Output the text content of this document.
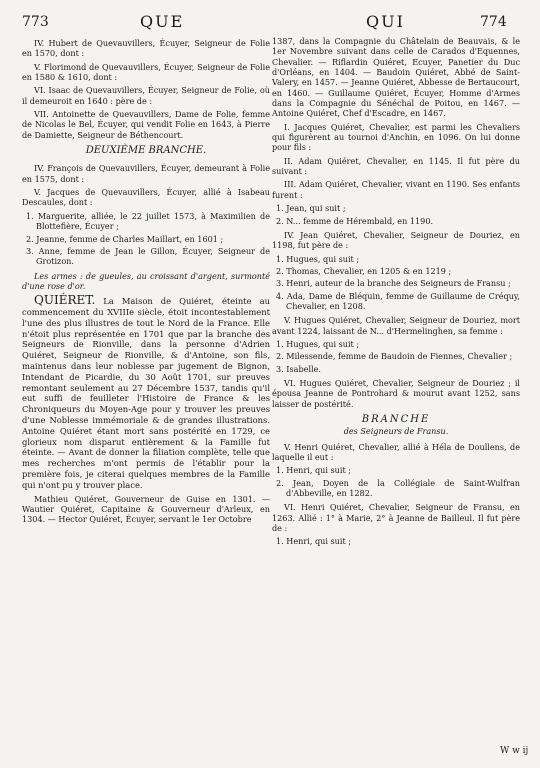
773	QUE	QUI	774

IV. Hubert de Quevauvillers, Écuyer, Seigneur de Folie en 1570, dont :

V. Florimond de Quevauvillers, Écuyer, Seigneur de Folie en 1580 & 1610, dont :

VI. Isaac de Quevauvillers, Écuyer, Seigneur de Folie, où il demeuroit en 1640 : père de :

VII. Antoinette de Quevauvillers, Dame de Folie, femme de Nicolas le Bel, Écuyer, qui vendit Folie en 1643, à Pierre de Damiette, Seigneur de Béthencourt.

DEUXIÈME BRANCHE.

IV. François de Quevauvillers, Écuyer, demeurant à Folie en 1575, dont :

V. Jacques de Quevauvillers, Écuyer, allié à Isabeau Descaules, dont :

1. Marguerite, alliée, le 22 juillet 1573, à Maximilien de Blottefière, Écuyer ;
2. Jeanne, femme de Charles Maillart, en 1601 ;
3. Anne, femme de Jean le Gillon, Écuyer, Seigneur de Grotizon.

Les armes : de gueules, au croissant d'argent, surmonté d'une rose d'or.

QUIÉRET. La Maison de Quiéret, éteinte au commencement du XVIIIe siècle, étoit incontestablement l'une des plus illustres de tout le Nord de la France. Elle n'étoit plus représentée en 1701 que par la branche des Seigneurs de Rionville, dans la personne d'Adrien Quiéret, Seigneur de Rionville, & d'Antoine, son fils, maintenus dans leur noblesse par jugement de Bignon, Intendant de Picardie, du 30 Août 1701, sur preuves remontant seulement au 27 Décembre 1537, tandis qu'il eut suffi de feuilleter l'Histoire de France & les Chroniqueurs du Moyen-Age pour y trouver les preuves d'une Noblesse immémoriale & de grandes illustrations. Antoine Quiéret étant mort sans postérité en 1729, ce glorieux nom disparut entièrement & la Famille fut éteinte. — Avant de donner la filiation complète, telle que mes recherches m'ont permis de l'établir pour la première fois, je citerai quelques membres de la Famille qui n'ont pu y trouver place.

Mathieu Quiéret, Gouverneur de Guise en 1301. — Wautier Quiéret, Capitaine & Gouverneur d'Arleux, en 1304. — Hector Quiéret, Écuyer, servant le 1er Octobre

1387, dans la Compagnie du Châtelain de Beauvais, & le 1er Novembre suivant dans celle de Carados d'Equennes, Chevalier. — Riflardin Quiéret, Ecuyer, Panetier du Duc d'Orléans, en 1404. — Baudoin Quiéret, Abbé de Saint-Valery, en 1457. — Jeanne Quiéret, Abbesse de Bertaucourt, en 1460. — Guillaume Quiéret, Écuyer, Homme d'Armes dans la Compagnie du Sénéchal de Poitou, en 1467. — Antoine Quiéret, Chef d'Escadre, en 1467.

I. Jacques Quiéret, Chevalier, est parmi les Chevaliers qui figurèrent au tournoi d'Anchin, en 1096. On lui donne pour fils :

II. Adam Quiéret, Chevalier, en 1145. Il fut père du suivant :

III. Adam Quiéret, Chevalier, vivant en 1190. Ses enfants furent :

1. Jean, qui suit ;
2. N... femme de Hérembald, en 1190.

IV. Jean Quiéret, Chevalier, Seigneur de Douriez, en 1198, fut père de :

1. Hugues, qui suit ;
2. Thomas, Chevalier, en 1205 & en 1219 ;
3. Henri, auteur de la branche des Seigneurs de Fransu ;
4. Ada, Dame de Bléquin, femme de Guillaume de Créquy, Chevalier, en 1208.

V. Hugues Quiéret, Chevalier, Seigneur de Douriez, mort avant 1224, laissant de N... d'Hermelinghen, sa femme :

1. Hugues, qui suit ;
2. Milessende, femme de Baudoin de Fiennes, Chevalier ;
3. Isabelle.

VI. Hugues Quiéret, Chevalier, Seigneur de Douriez ; il épousa Jeanne de Pontrohard & mourut avant 1252, sans laisser de postérité.

BRANCHE
des Seigneurs de Fransu.

V. Henri Quiéret, Chevalier, allié à Héla de Doullens, de laquelle il eut :

1. Henri, qui suit ;
2. Jean, Doyen de la Collégiale de Saint-Wulfran d'Abbeville, en 1282.

VI. Henri Quiéret, Chevalier, Seigneur de Fransu, en 1263. Allié : 1° à Marie, 2° à Jeanne de Bailleul. Il fut père de :

1. Henri, qui suit ;
W w ij
